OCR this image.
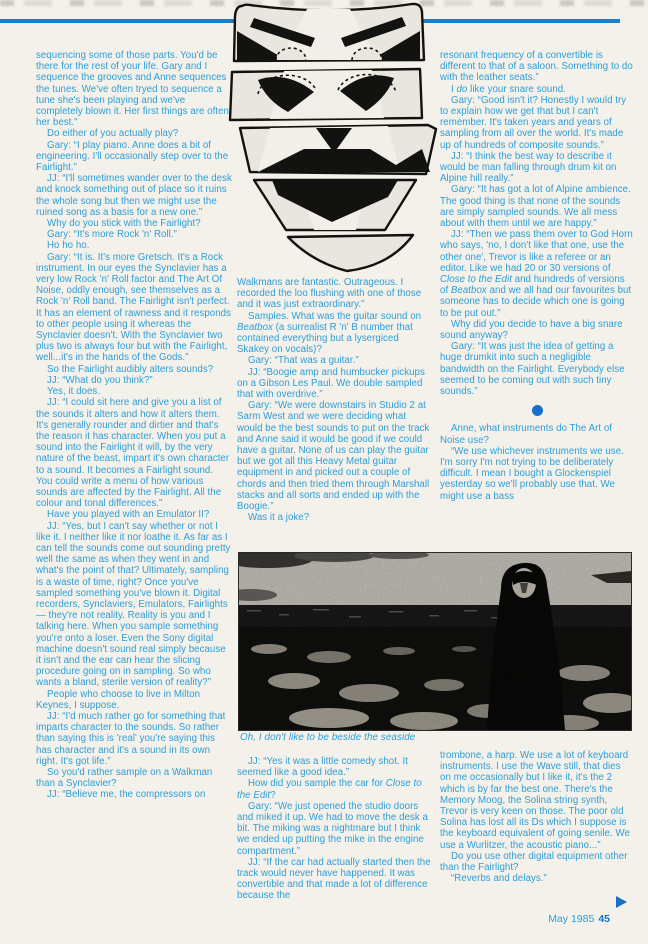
sequencing some of those parts. You'd be there for the rest of your life. Gary and I sequence the grooves and Anne sequences the tunes. We've often tryed to sequence a tune she's been playing and we've completely blown it. Her first things are often her best."

Do either of you actually play?

Gary: “I play piano. Anne does a bit of engineering. I'll occasionally step over to the Fairlight.”

JJ: “I'll sometimes wander over to the desk and knock something out of place so it ruins the whole song but then we might use the ruined song as a basis for a new one.”

Why do you stick with the Fairlight?

Gary: “It's more Rock 'n' Roll.”

Ho ho ho.

Gary: “It is. It's more Gretsch. It's a Rock instrument. In our eyes the Synclavier has a very low Rock 'n' Roll factor and The Art Of Noise, oddly enough, see themselves as a Rock 'n' Roll band. The Fairlight isn't perfect. It has an element of rawness and it responds to other people using it whereas the Synclavier doesn't. With the Synclavier two plus two is always four but with the Fairlight, well...it's in the hands of the Gods.”

So the Fairlight audibly alters sounds?

JJ: “What do you think?”

Yes, it does.

JJ: “I could sit here and give you a list of the sounds it alters and how it alters them. It's generally rounder and dirtier and that's the reason it has character. When you put a sound into the Fairlight it will, by the very nature of the beast, impart it's own character to a sound. It becomes a Fairlight sound. You could write a menu of how various sounds are affected by the Fairlight. All the colour and tonal differences.”

Have you played with an Emulator II?

JJ: “Yes, but I can't say whether or not I like it. I neither like it nor loathe it. As far as I can tell the sounds come out sounding pretty well the same as when they went in and what's the point of that? Ultimately, sampling is a waste of time, right? Once you've sampled something you've blown it. Digital recorders, Synclaviers, Emulators, Fairlights — they're not reality. Reality is you and I talking here. When you sample something you're onto a loser. Even the Sony digital machine doesn't sound real simply because it isn't and the ear can hear the slicing procedure going on in sampling. So who wants a bland, sterile version of reality?”

People who choose to live in Milton Keynes, I suppose.

JJ: “I'd much rather go for something that imparts character to the sounds. So rather than saying this is 'real' you're saying this has character and it's a sound in its own right. It's got life.”

So you'd rather sample on a Walkman than a Synclavier?

JJ: “Believe me, the compressors on

Walkmans are fantastic. Outrageous. I recorded the loo flushing with one of those and it was just extraordinary.”

Samples. What was the guitar sound on Beatbox (a surrealist R 'n' B number that contained everything but a lysergiced Skakey on vocals)?

Gary: “That was a guitar.”

JJ: “Boogie amp and humbucker pickups on a Gibson Les Paul. We double sampled that with overdrive.”

Gary: “We were downstairs in Studio 2 at Sarm West and we were deciding what would be the best sounds to put on the track and Anne said it would be good if we could have a guitar. None of us can play the guitar but we got all this Heavy Metal guitar equipment in and picked out a couple of chords and then tried them through Marshall stacks and all sorts and ended up with the Boogie.”

Was it a joke?

resonant frequency of a convertible is different to that of a saloon. Something to do with the leather seats.”

I do like your snare sound.

Gary: “Good isn't it? Honestly I would try to explain how we get that but I can't remember. It's taken years and years of sampling from all over the world. It's made up of hundreds of composite sounds.”

JJ: “I think the best way to describe it would be man falling through drum kit on Alpine hill really.”

Gary: “It has got a lot of Alpine ambience. The good thing is that none of the sounds are simply sampled sounds. We all mess about with them until we are happy.”

JJ: “Then we pass them over to God Horn who says, 'no, I don't like that one, use the other one', Trevor is like a referee or an editor. Like we had 20 or 30 versions of Close to the Edit and hundreds of versions of Beatbox and we all had our favourites but someone has to decide which one is going to be put out.”

Why did you decide to have a big snare sound anyway?

Gary: “It was just the idea of getting a huge drumkit into such a negligible bandwidth on the Fairlight. Everybody else seemed to be coming out with such tiny sounds.”

Anne, what instruments do The Art of Noise use?

“We use whichever instruments we use. I'm sorry I'm not trying to be deliberately difficult. I mean I bought a Glockenspiel yesterday so we'll probably use that. We might use a bass

Oh, I don't like to be beside the seaside

JJ: “Yes it was a little comedy shot. It seemed like a good idea.”

How did you sample the car for Close to the Edit?

Gary: “We just opened the studio doors and miked it up. We had to move the desk a bit. The miking was a nightmare but I think we ended up putting the mike in the engine compartment.”

JJ: “If the car had actually started then the track would never have happened. It was convertible and that made a lot of difference because the

trombone, a harp. We use a lot of keyboard instruments. I use the Wave still, that dies on me occasionally but I like it, it's the 2 which is by far the best one. There's the Memory Moog, the Solina string synth, Trevor is very keen on those. The poor old Solina has lost all its Ds which I suppose is the keyboard equivalent of going senile. We use a Wurlitzer, the acoustic piano...”

Do you use other digital equipment other than the Fairlight?

“Reverbs and delays.”

May 1985 45
